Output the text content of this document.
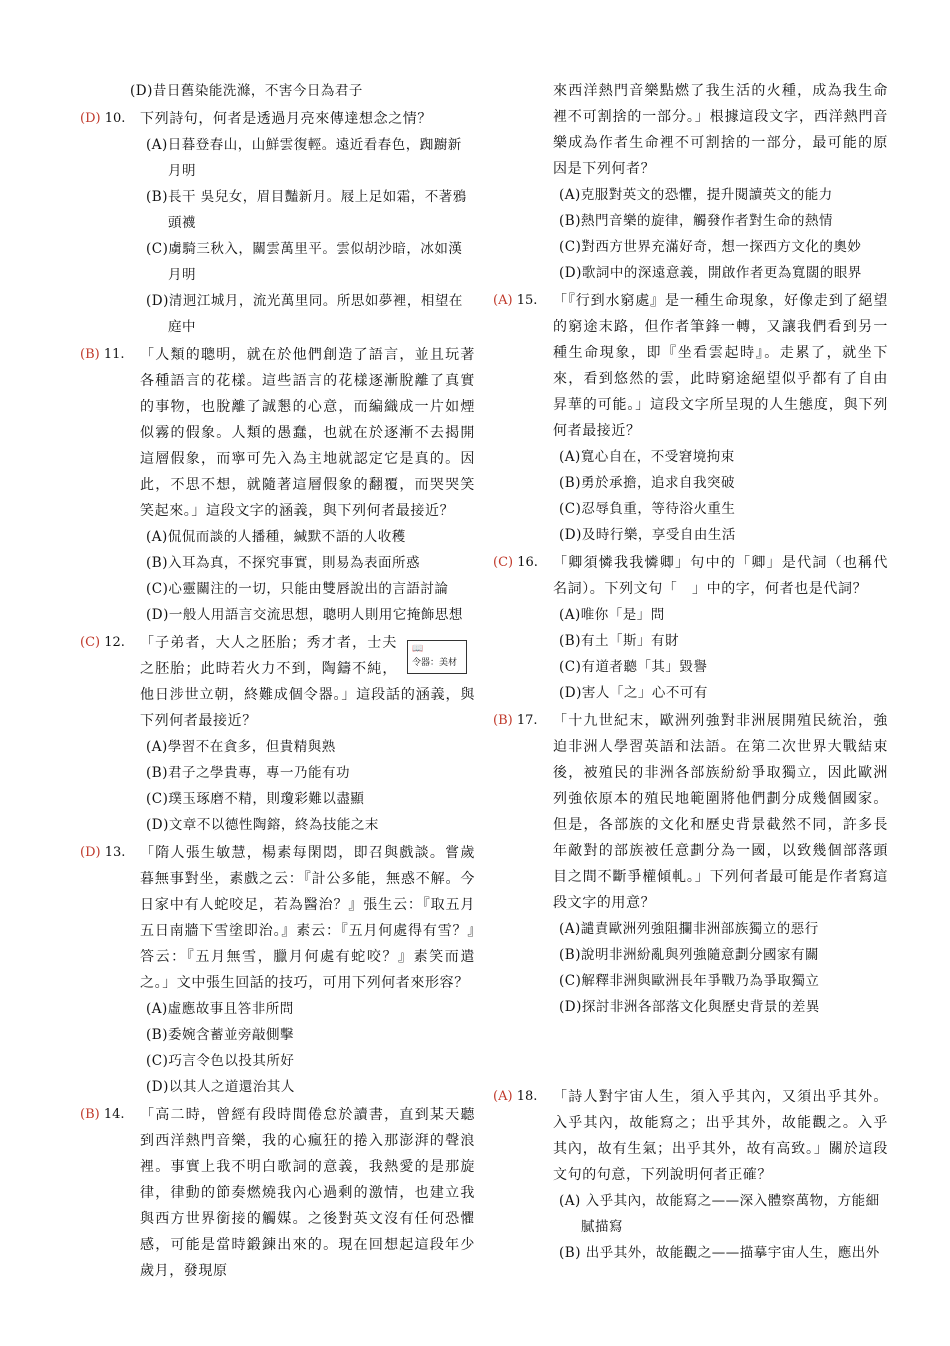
(D)昔日舊染能洗滌，不害今日為君子
(D) 10.	下列詩句，何者是透過月亮來傳達想念之情？
(A)日暮登春山，山鮮雲復輕。遠近看春色，踟躕新月明
(B)長干 吳兒女，眉目豔新月。屐上足如霜，不著鴉頭襪
(C)虜騎三秋入，關雲萬里平。雲似胡沙暗，冰如漢月明
(D)清迥江城月，流光萬里同。所思如夢裡，相望在庭中
(B) 11.	「人類的聰明，就在於他們創造了語言，並且玩著各種語言的花樣。這些語言的花樣逐漸脫離了真實的事物，也脫離了誠懇的心意，而編織成一片如煙似霧的假象。人類的愚蠢，也就在於逐漸不去揭開這層假象，而寧可先入為主地就認定它是真的。因此，不思不想，就隨著這層假象的翻覆，而哭哭笑笑起來。」這段文字的涵義，與下列何者最接近？
(A)侃侃而談的人播種，緘默不語的人收穫
(B)入耳為真，不探究事實，則易為表面所惑
(C)心靈關注的一切，只能由雙唇說出的言語討論
(D)一般人用語言交流思想，聰明人則用它掩飾思想
(C) 12.	📖
令器：美材
「子弟者，大人之胚胎；秀才者，士夫之胚胎；此時若火力不到，陶鑄不純，他日涉世立朝，終難成個令器。」這段話的涵義，與下列何者最接近？
(A)學習不在貪多，但貴精與熟
(B)君子之學貴專，專一乃能有功
(C)璞玉琢磨不精，則瓊彩難以盡顯
(D)文章不以德性陶鎔，終為技能之末
(D) 13.	「隋人張生敏慧，楊素每閑悶，即召與戲談。嘗歲暮無事對坐，素戲之云：『計公多能，無惑不解。今日家中有人蛇咬足，若為醫治？』張生云：『取五月五日南牆下雪塗即治。』素云：『五月何處得有雪？』答云：『五月無雪，臘月何處有蛇咬？』素笑而遣之。」文中張生回話的技巧，可用下列何者來形容？
(A)虛應故事且答非所問
(B)委婉含蓄並旁敲側擊
(C)巧言令色以投其所好
(D)以其人之道還治其人
(B) 14.	「高二時，曾經有段時間倦怠於讀書，直到某天聽到西洋熱門音樂，我的心瘋狂的捲入那澎湃的聲浪裡。事實上我不明白歌詞的意義，我熱愛的是那旋律，律動的節奏燃燒我內心過剩的激情，也建立我與西方世界銜接的觸媒。之後對英文沒有任何恐懼感，可能是當時鍛鍊出來的。現在回想起這段年少歲月，發現原
來西洋熱門音樂點燃了我生活的火種，成為我生命裡不可割捨的一部分。」根據這段文字，西洋熱門音樂成為作者生命裡不可割捨的一部分，最可能的原因是下列何者？
(A)克服對英文的恐懼，提升閱讀英文的能力
(B)熱門音樂的旋律，觸發作者對生命的熱情
(C)對西方世界充滿好奇，想一探西方文化的奧妙
(D)歌詞中的深遠意義，開啟作者更為寬闊的眼界
(A) 15.	「『行到水窮處』是一種生命現象，好像走到了絕望的窮途末路，但作者筆鋒一轉，又讓我們看到另一種生命現象，即『坐看雲起時』。走累了，就坐下來，看到悠然的雲，此時窮途絕望似乎都有了自由昇華的可能。」這段文字所呈現的人生態度，與下列何者最接近？
(A)寬心自在，不受窘境拘束
(B)勇於承擔，追求自我突破
(C)忍辱負重，等待浴火重生
(D)及時行樂，享受自由生活
(C) 16.	「卿須憐我我憐卿」句中的「卿」是代詞（也稱代名詞）。下列文句「　」中的字，何者也是代詞？
(A)唯你「是」問
(B)有土「斯」有財
(C)有道者聽「其」毀譽
(D)害人「之」心不可有
(B) 17.	「十九世紀末，歐洲列強對非洲展開殖民統治，強迫非洲人學習英語和法語。在第二次世界大戰結束後，被殖民的非洲各部族紛紛爭取獨立，因此歐洲列強依原本的殖民地範圍將他們劃分成幾個國家。但是，各部族的文化和歷史背景截然不同，許多長年敵對的部族被任意劃分為一國，以致幾個部落頭目之間不斷爭權傾軋。」下列何者最可能是作者寫這段文字的用意？
(A)譴責歐洲列強阻攔非洲部族獨立的惡行
(B)說明非洲紛亂與列強隨意劃分國家有關
(C)解釋非洲與歐洲長年爭戰乃為爭取獨立
(D)探討非洲各部落文化與歷史背景的差異
(A) 18.	「詩人對宇宙人生，須入乎其內，又須出乎其外。入乎其內，故能寫之；出乎其外，故能觀之。入乎其內，故有生氣；出乎其外，故有高致。」關於這段文句的句意，下列說明何者正確？
(A) 入乎其內，故能寫之——深入體察萬物，方能細膩描寫
(B) 出乎其外，故能觀之——描摹宇宙人生，應出外
